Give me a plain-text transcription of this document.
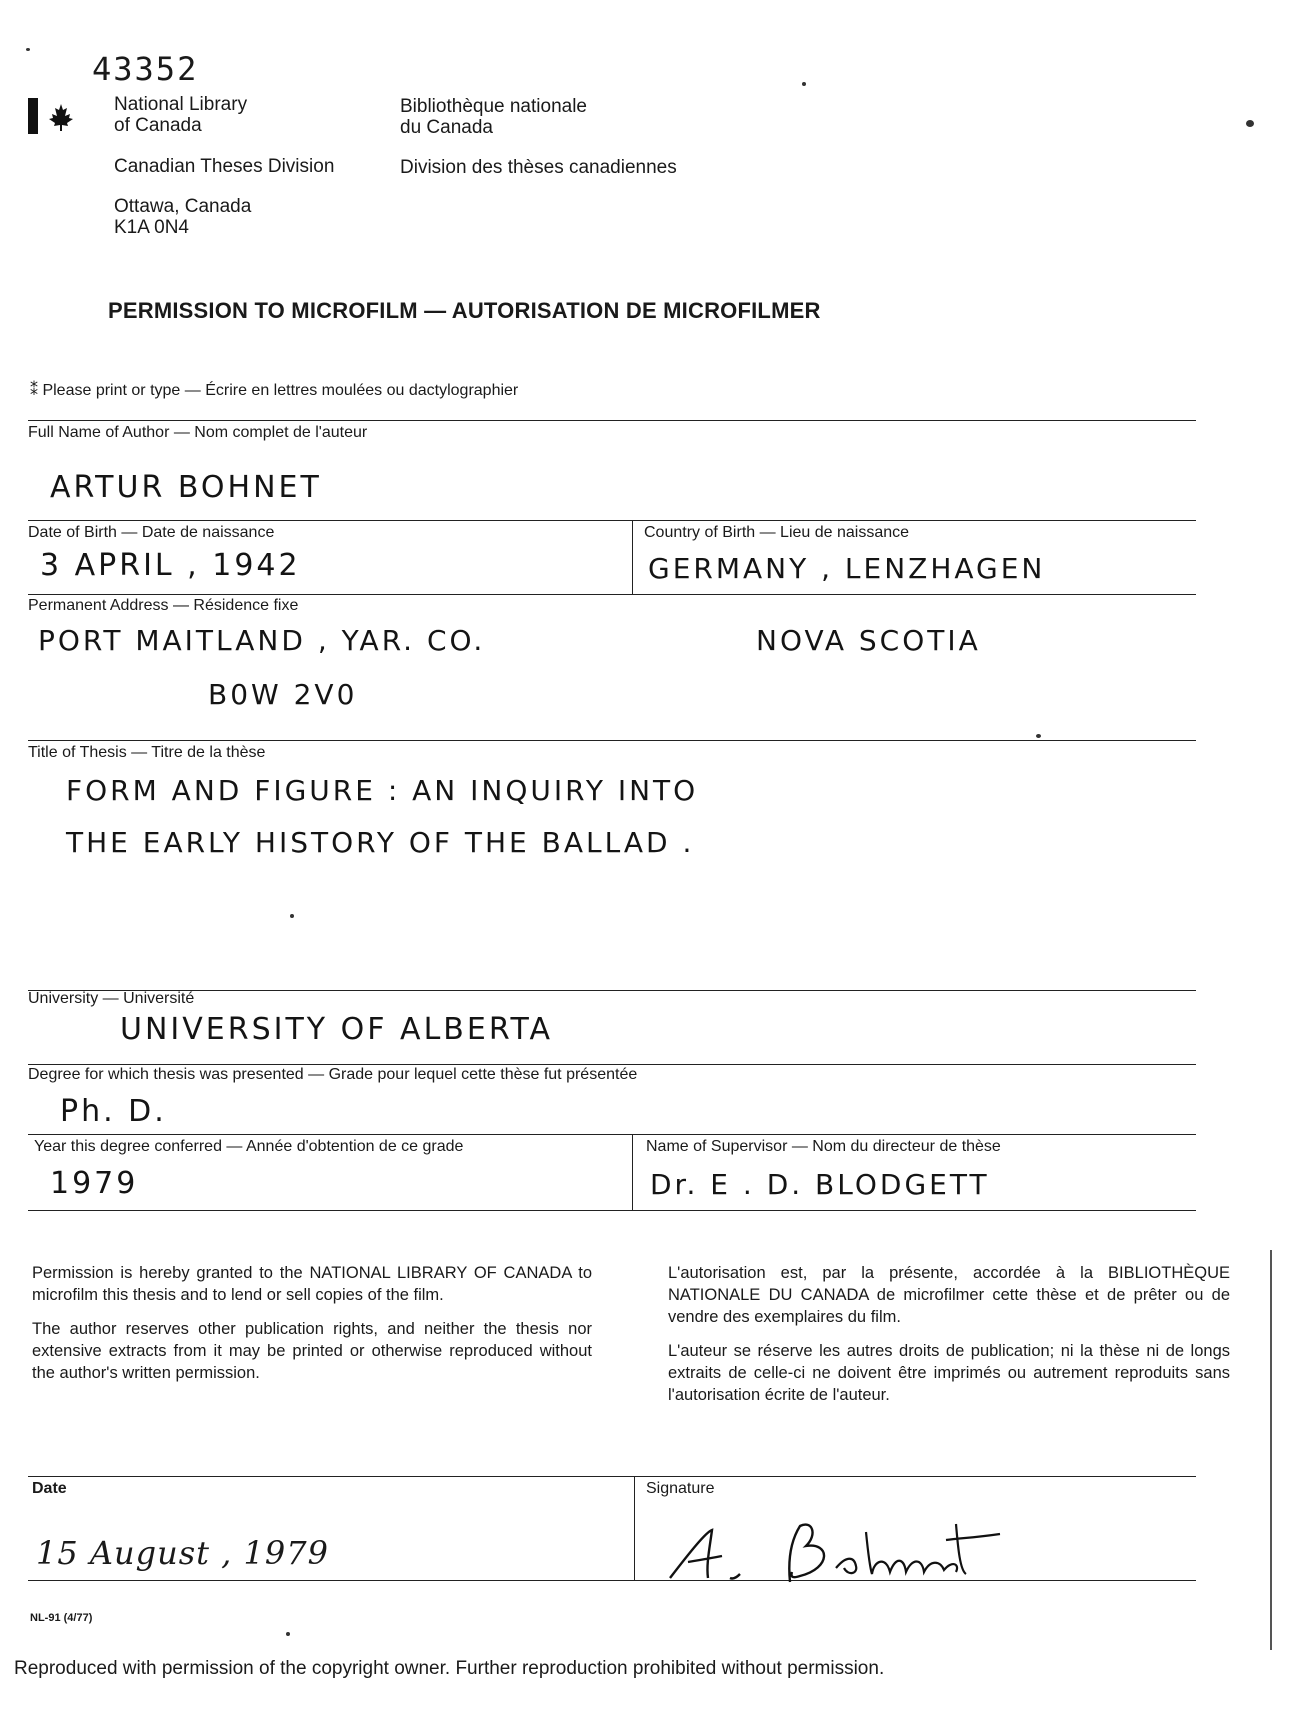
43352
National Library
of Canada
Bibliothèque nationale
du Canada
Canadian Theses Division	Division des thèses canadiennes
Ottawa, Canada
K1A 0N4
PERMISSION TO MICROFILM — AUTORISATION DE MICROFILMER
⁑ Please print or type — Écrire en lettres moulées ou dactylographier
Full Name of Author — Nom complet de l'auteur
ARTUR BOHNET
Date of Birth — Date de naissance
3 APRIL , 1942
Country of Birth — Lieu de naissance
GERMANY , LENZHAGEN
Permanent Address — Résidence fixe
PORT MAITLAND , YAR. CO.	NOVA SCOTIA
B0W 2V0
Title of Thesis — Titre de la thèse
FORM AND FIGURE : AN INQUIRY INTO
THE EARLY HISTORY OF THE BALLAD .
University — Université
UNIVERSITY OF ALBERTA
Degree for which thesis was presented — Grade pour lequel cette thèse fut présentée
Ph. D.
Year this degree conferred — Année d'obtention de ce grade
1979
Name of Supervisor — Nom du directeur de thèse
Dr. E . D. BLODGETT
Permission is hereby granted to the NATIONAL LIBRARY OF CANADA to microfilm this thesis and to lend or sell copies of the film.
The author reserves other publication rights, and neither the thesis nor extensive extracts from it may be printed or otherwise reproduced without the author's written permission.
L'autorisation est, par la présente, accordée à la BIBLIOTHÈQUE NATIONALE DU CANADA de microfilmer cette thèse et de prêter ou de vendre des exemplaires du film.
L'auteur se réserve les autres droits de publication; ni la thèse ni de longs extraits de celle-ci ne doivent être imprimés ou autrement reproduits sans l'autorisation écrite de l'auteur.
Date
15 August , 1979
Signature
NL-91 (4/77)
Reproduced with permission of the copyright owner. Further reproduction prohibited without permission.
